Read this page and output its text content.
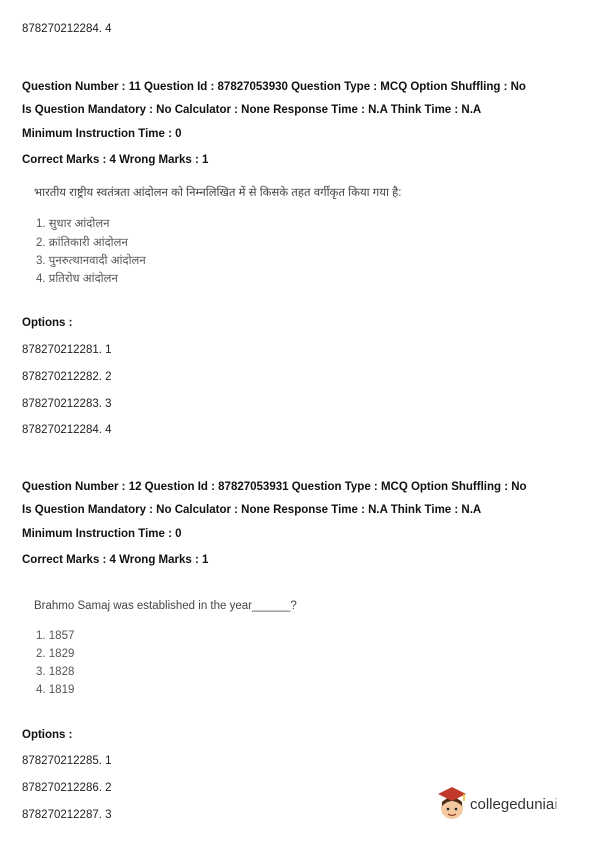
878270212284. 4
Question Number : 11 Question Id : 87827053930 Question Type : MCQ Option Shuffling : No
Is Question Mandatory : No Calculator : None Response Time : N.A Think Time : N.A
Minimum Instruction Time : 0
Correct Marks : 4 Wrong Marks : 1
भारतीय राष्ट्रीय स्वतंत्रता आंदोलन को निम्नलिखित में से किसके तहत वर्गीकृत किया गया है:
1. सुधार आंदोलन
2. क्रांतिकारी आंदोलन
3. पुनरुत्थानवादी आंदोलन
4. प्रतिरोध आंदोलन
Options :
878270212281. 1
878270212282. 2
878270212283. 3
878270212284. 4
Question Number : 12 Question Id : 87827053931 Question Type : MCQ Option Shuffling : No
Is Question Mandatory : No Calculator : None Response Time : N.A Think Time : N.A
Minimum Instruction Time : 0
Correct Marks : 4 Wrong Marks : 1
Brahmo Samaj was established in the year______?
1. 1857
2. 1829
3. 1828
4. 1819
Options :
878270212285. 1
878270212286. 2
878270212287. 3
collegeduniai
